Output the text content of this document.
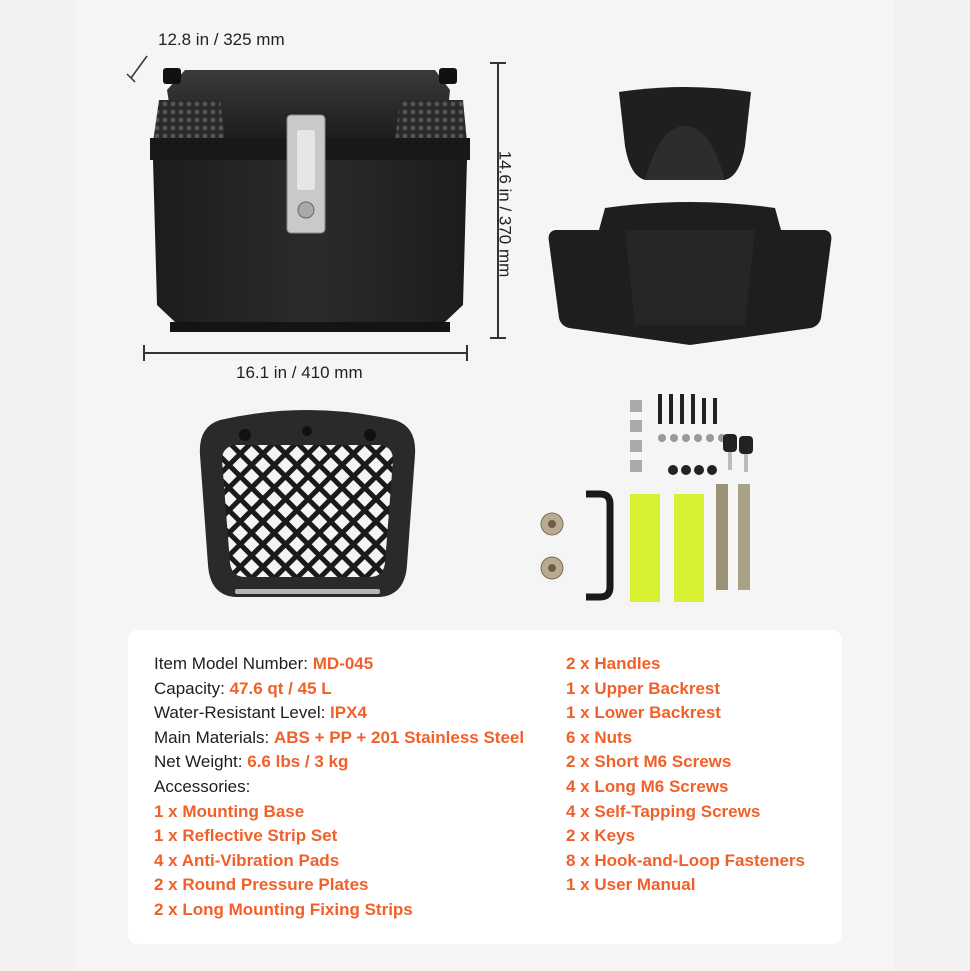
12.8 in / 325 mm
14.6 in / 370 mm
16.1 in / 410 mm
Item Model Number: MD-045
Capacity: 47.6 qt / 45 L
Water-Resistant Level: IPX4
Main Materials: ABS + PP + 201 Stainless Steel
Net Weight: 6.6 lbs / 3 kg
Accessories:
1 x Mounting Base
1 x Reflective Strip Set
4 x Anti-Vibration Pads
2 x Round Pressure Plates
2 x Long Mounting Fixing Strips
2 x Handles
1 x Upper Backrest
1 x Lower Backrest
6 x Nuts
2 x Short M6 Screws
4 x Long M6 Screws
4 x Self-Tapping Screws
2 x Keys
8 x Hook-and-Loop Fasteners
1 x User Manual
